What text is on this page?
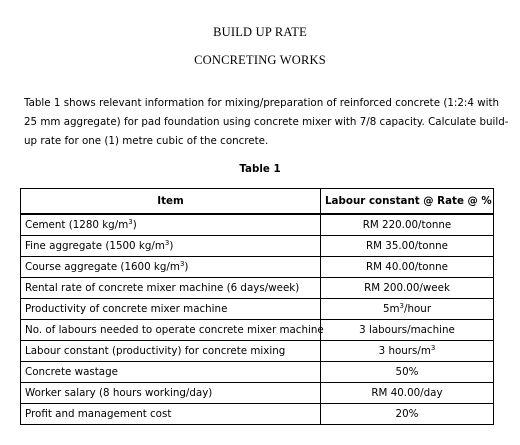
BUILD UP RATE
CONCRETING WORKS
Table 1 shows relevant information for mixing/preparation of reinforced concrete (1:2:4 with
25 mm aggregate) for pad foundation using concrete mixer with 7/8 capacity. Calculate build-
up rate for one (1) metre cubic of the concrete.
Table 1
Item	Labour constant @ Rate @ %
Cement (1280 $kg/m^3$)	RM 220.00/tonne
Fine aggregate (1500 $kg/m^3$)	RM 35.00/tonne
Course aggregate (1600 $kg/m^3$)	RM 40.00/tonne
Rental rate of concrete mixer machine (6 days/week)	RM 200.00/week
Productivity of concrete mixer machine	$5m^3$/hour
No. of labours needed to operate concrete mixer machine	3 labours/machine
Labour constant (productivity) for concrete mixing	3 hours/$m^3$
Concrete wastage	50%
Worker salary (8 hours working/day)	RM 40.00/day
Profit and management cost	20%
